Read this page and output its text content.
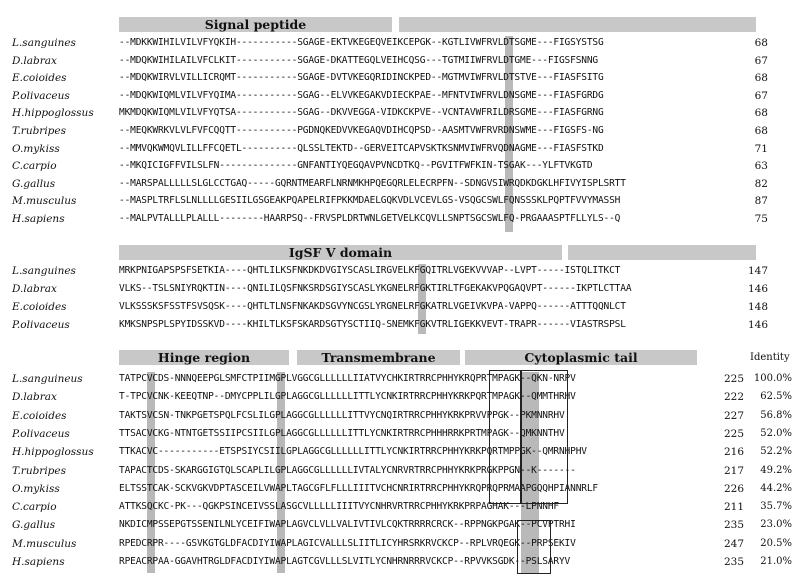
Signal peptide
L.sanguines	--MDKKWIHILVILVFYQKIH-----------SGAGE-EKTVKEGEQVEIKCEPGK--KGTLIVWFRVLDTSGME---FIGSYSTSG	68
D.labrax	--MDQKWIHILAILVFCLKIT-----------SGAGE-DKATTEGQLVEIHCQSG---TGTMIIWFRVLDTGME---FIGSFSNNG	67
E.coioides	--MDQKWIRVLVILLICRQMT-----------SGAGE-DVTVKEGQRIDINCKPED--MGTMVIWFRVLDTSTVE---FIASFSITG	68
P.olivaceus	--MDQKWIQMLVILVFYQIMA-----------SGAG--ELVVKEGAKVDIECKPAE--MFNTVIWFRVLDNSGME---FIASFGRDG	67
H.hippoglossus	MKMDQKWIQMLVILVFYQTSA-----------SGAG--DKVVEGGA-VIDKCKPVE--VCNTAVWFRILDRSGME---FIASFGRNG	68
T.rubripes	--MEQKWRKVLVLFVFCQQTT-----------PGDNQKEDVVKEGAQVDIHCQPSD--AASMTVWFRVRDNSWME---FIGSFS-NG	68
O.mykiss	--MMVQKWMQVLILLFFCQETL----------QLSSLTEKTD--GERVEITCAPVSKTKSNMVIWFRVQDNAGME---FIASFSTKD	71
C.carpio	--MKQICIGFFVILSLFN--------------GNFANTIYQEGQAVPVNCDTKQ--PGVITFWFKIN-TSGAK---YLFTVKGTD	63
G.gallus	--MARSPALLLLLSLGLCCTGAQ-----GQRNTMEARFLNRNMKHPQEGQRLELECRPFN--SDNGVSIWRQDKDGKLHFIVYISPLSRTT	82
M.musculus	--MASPLTRFLSLNLLLLGESIILGSGEAKPQAPELRIFPKKMDAELGQKVDLVCEVLGS-VSQGCSWLFQNSSSKLPQPTFVVYMASSH	87
H.sapiens	--MALPVTALLLPLALLL--------HAARPSQ--FRVSPLDRTWNLGETVELKCQVLLSNPTSGCSWLFQ-PRGAAASPTFLLYLS--Q	75
IgSF V domain
L.sanguines	MRKPNIGAPSPSFSETKIA----QHTLILKSFNKDKDVGIYSCASLIRGVELKFGQITRLVGEKVVVAP--LVPT-----ISTQLITKCT	147
D.labrax	VLKS--TSLSNIYRQKTIN----QNILILQSFNKSRDSGIYSCASLYKGNELRFGKTIRLTFGEKAKVPQGAQVPT------IKPTLCTTAA	146
E.coioides	VLKSSSKSFSSTFSVSQSK----QHTLTLNSFNKAKDSGVYNCGSLYRGNELRFGKATRLVGEIVKVPA-VAPPQ------ATTTQQNLCT	148
P.olivaceus	KMKSNPSPLSPYIDSSKVD----KHILTLKSFSKARDSGTYSCTIIQ-SNEMKFGKVTRLIGEKKVEVT-TRAPR------VIASTRSPSL	146
Hinge region	Transmembrane	Cytoplasmic tail	Identity
L.sanguineus	TATPCVCDS-NNNQEEPGLSMFCTPIIMGPLVGGCGLLLLLLIIATVYCHKIRTRRCPHHYKRQPRTMPAGK--QKN-NRPV	225 100.0%
D.labrax	T-TPCVCNK-KEEQTNP--DMYCPPLILGPLAGGCGLLLLLLITTLYCNKIRTRRCPHHYKRKPQRTMPAGK--QMMTHRHV	222	62.5%
E.coioides	TAKTSVCSN-TNKPGETSPQLFCSLILGPLAGGCGLLLLLLITTVYCNQIRTRRCPHHYKRKPRVVPPGK--PKMNNRHV	227	56.8%
P.olivaceus	TTSACVCKG-NTNTGETSSIIPCSIILGPLAGGCGLLLLLLITTLYCNKIRTRRCPHHHRRKPRTMPAGK--QMKNNTHV	225	52.0%
H.hippoglossus	TTKACVC-----------ETSPSIYCSIILGPLAGGCGLLLLLLITTLYCNKIRTRRCPHHYKRKPQRTMPPGK--QMRNHPHV	216	52.2%
T.rubripes	TAPACTCDS-SKARGGIGTQLSCAPLILGPLAGGCGLLLLLLIVTALYCNRVRTRRCPHHYKRKPRGKPPGN--K-------	217	49.2%
O.mykiss	ELTSSTCAK-SCKVGKVDPTASCEILVWAPLTAGCGFLFLLLIIITVCHCNRIRTRRCPHHYKRQPRQPRMAAPGQQHPIANNRLF	226	44.2%
C.carpio	ATTKSQCKC-PK---QGKPSINCEIVSSLASGCVLLLLLIIITVYCNHRVRTRRCPHHYKRKPRPAGHAK---LPNNHF	211	35.7%
G.gallus	NKDICMPSSEPGTSSENILNLYCEIFIWAPLAGVCLVLLVALIVTIVLCQKTRRRRCRCK--RPPNGKPGAK--PCVPTRHI	235	23.0%
M.musculus	RPEDCRPR----GSVKGTGLDFACDIYIWAPLAGICVALLLSLIITLICYHRSRKRVCKCP--RPLVRQEGK--PRPSEKIV	247	20.5%
H.sapiens	RPEACRPAA-GGAVHTRGLDFACDIYIWAPLAGTCGVLLLSLVITLYCNHRNRRRVCKCP--RPVVKSGDK--PSLSARYV	235	21.0%
